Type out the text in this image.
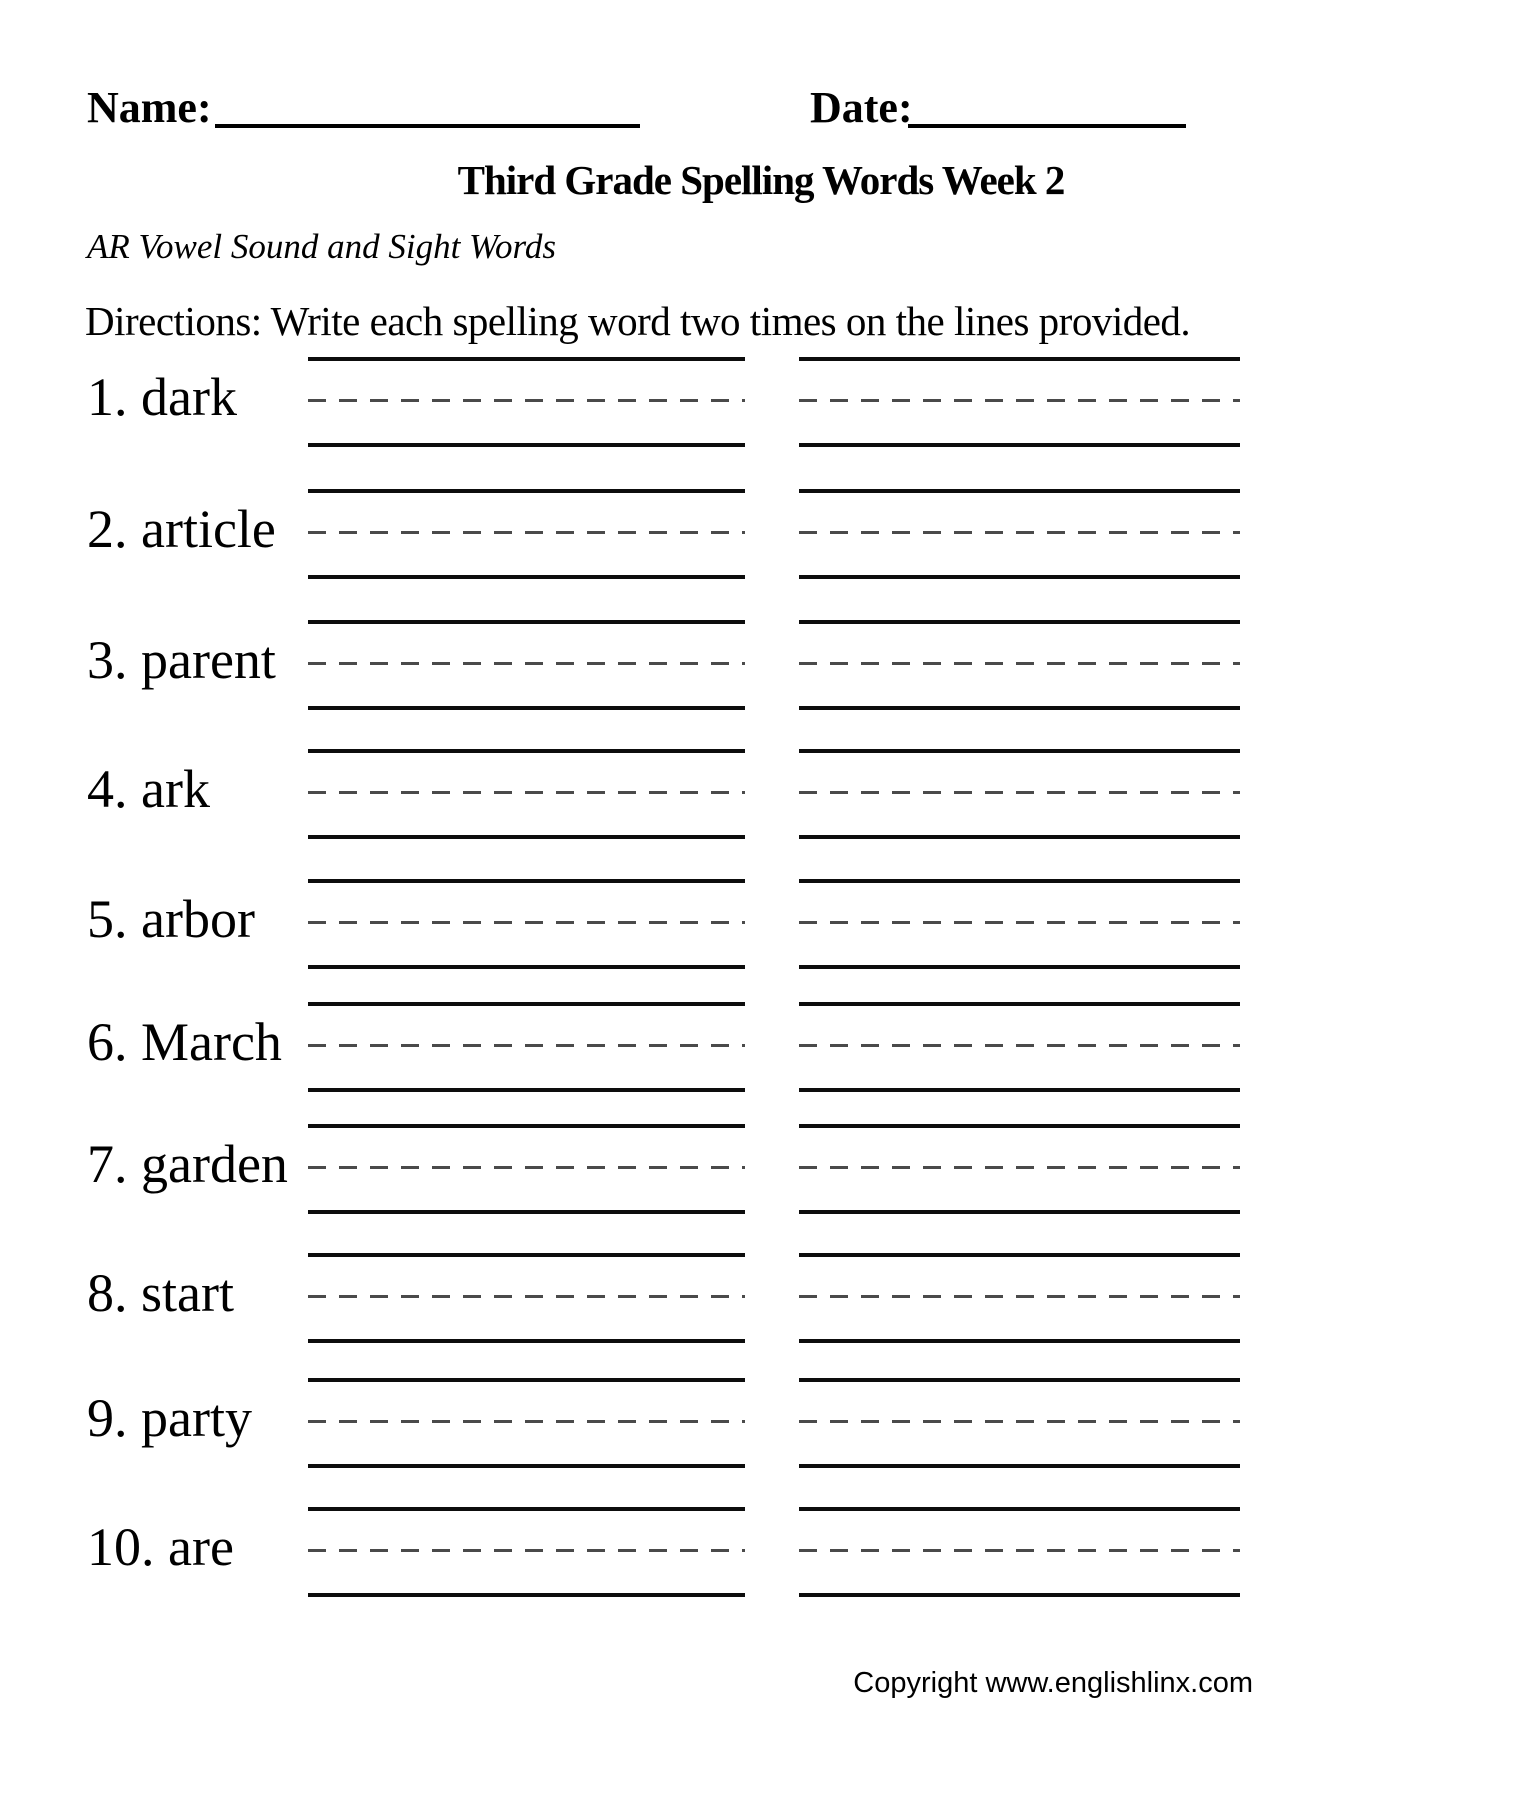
Name:	Date:
Third Grade Spelling Words Week 2
AR Vowel Sound and Sight Words
Directions: Write each spelling word two times on the lines provided.
1. dark
2. article
3. parent
4. ark
5. arbor
6. March
7. garden
8. start
9. party
10. are
Copyright www.englishlinx.com
